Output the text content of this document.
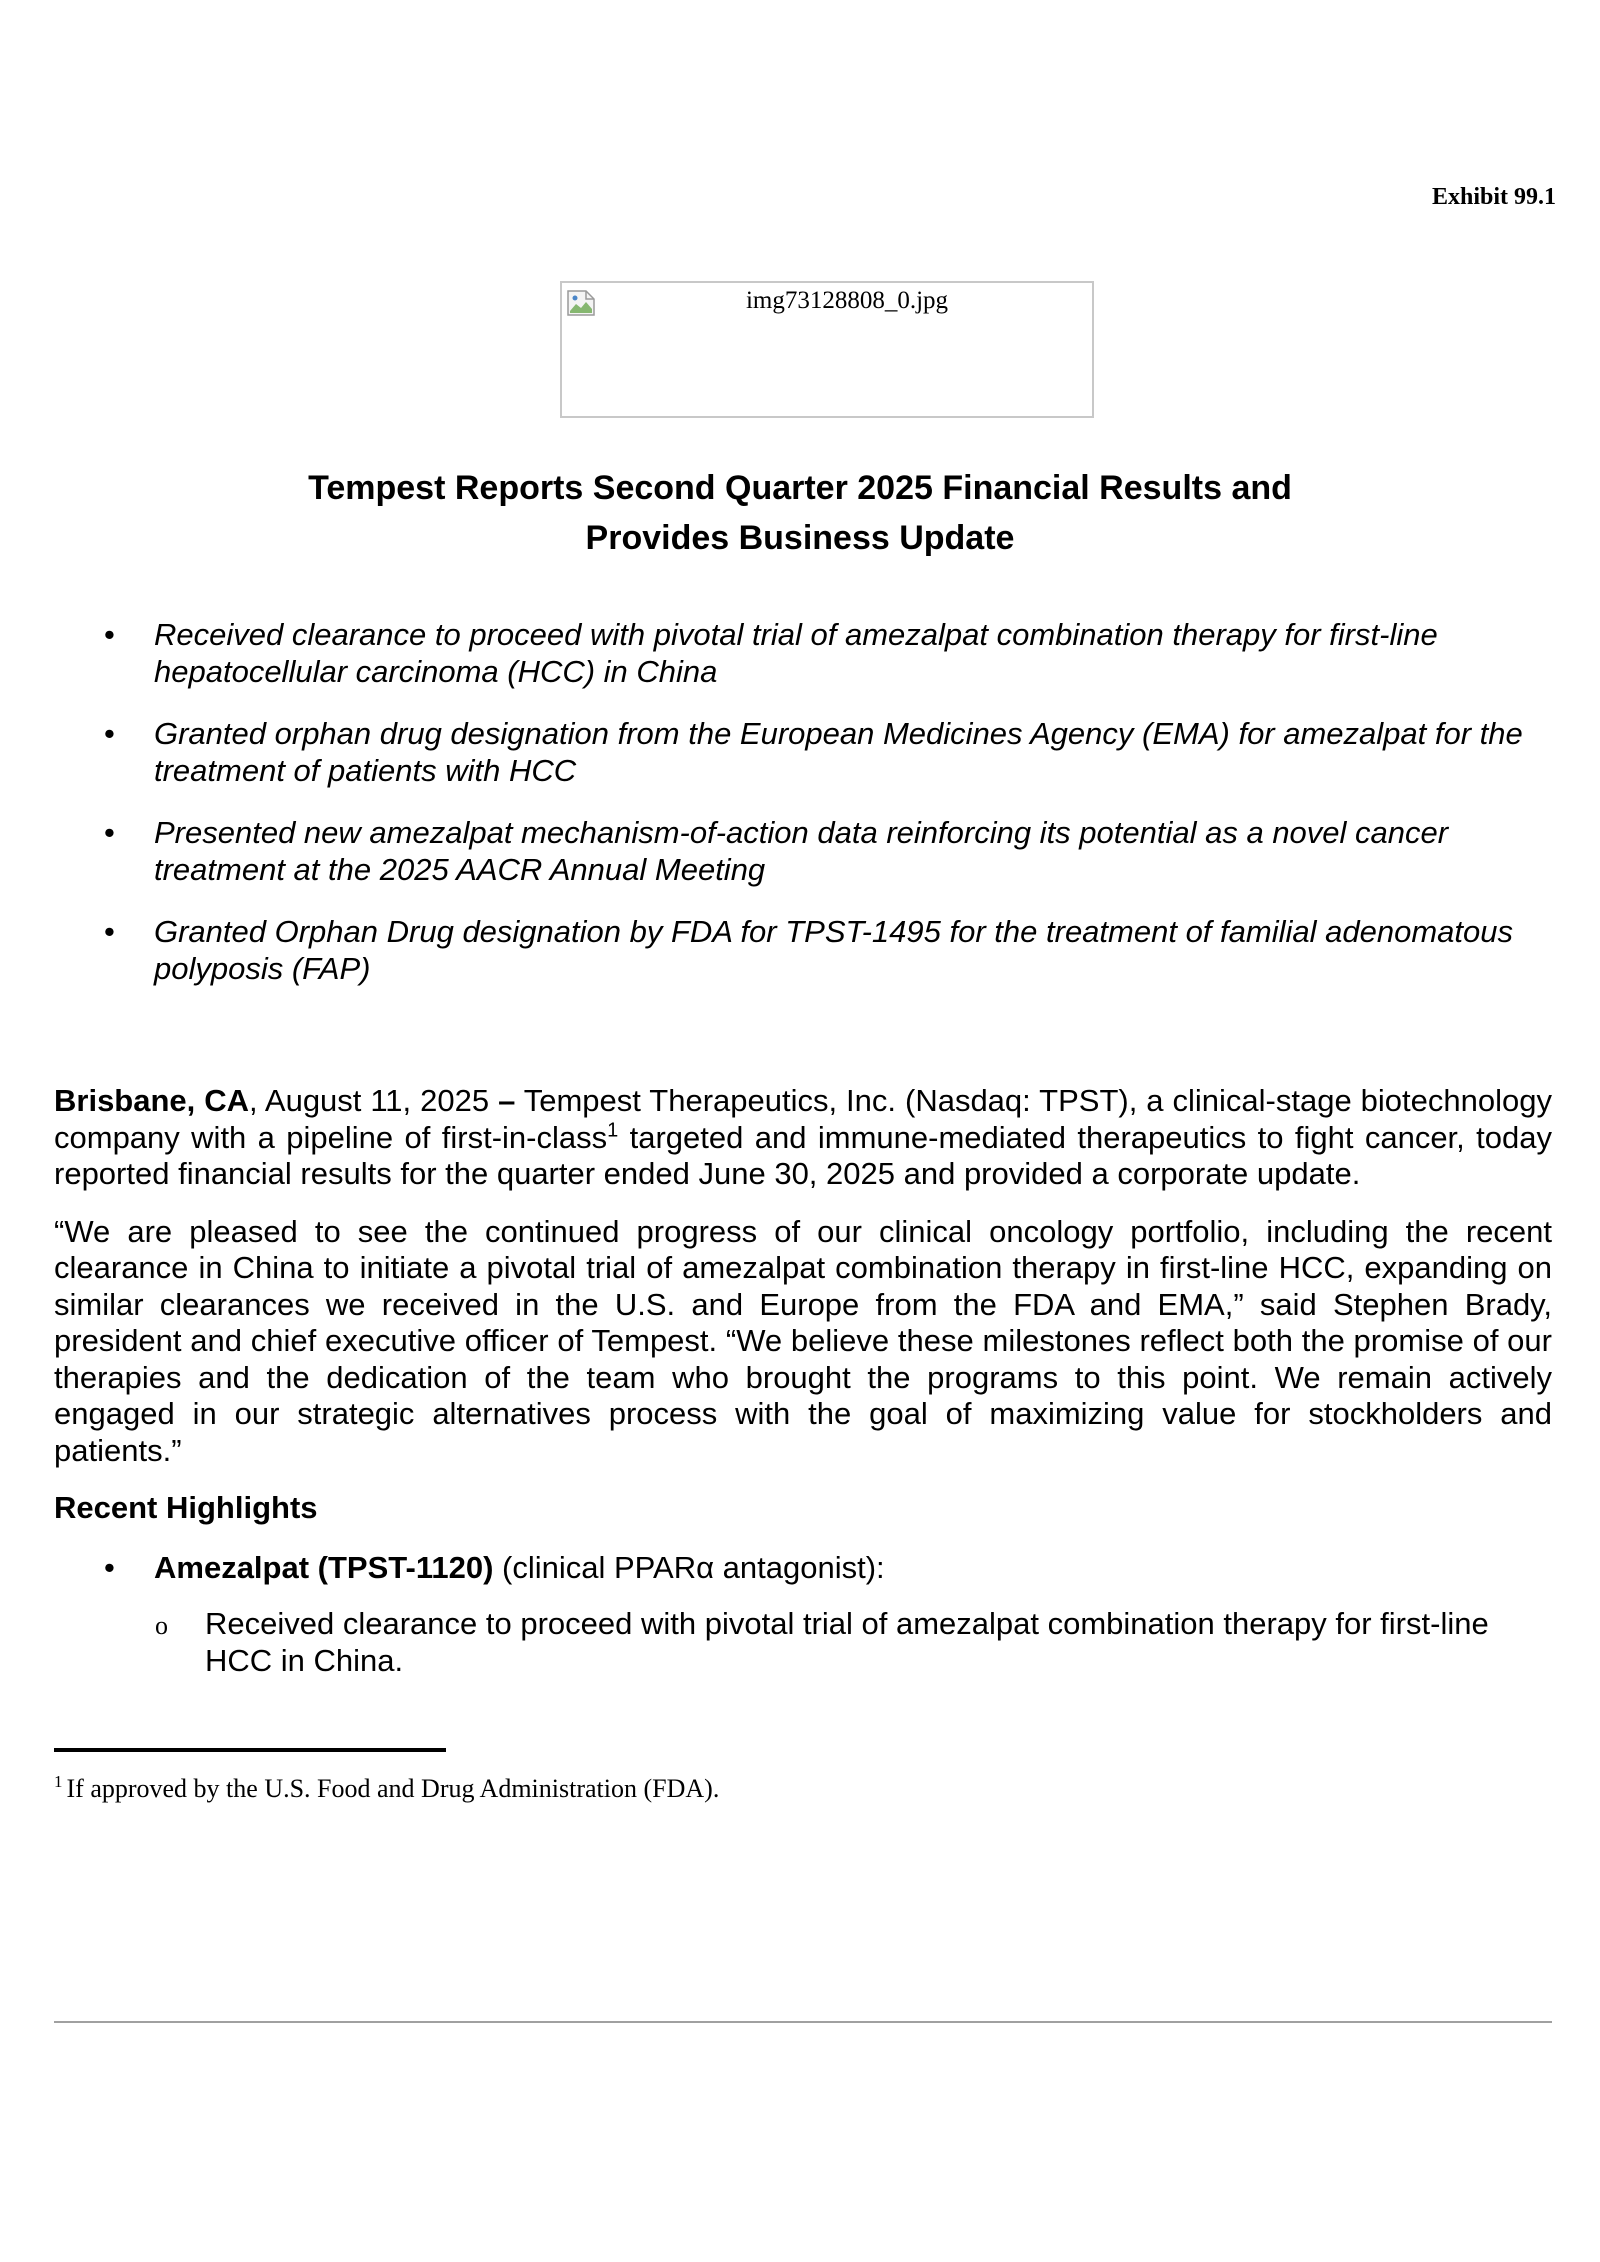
Exhibit 99.1
img73128808_0.jpg
Tempest Reports Second Quarter 2025 Financial Results and
Provides Business Update
• Received clearance to proceed with pivotal trial of amezalpat combination therapy for first-line hepatocellular carcinoma (HCC) in China
• Granted orphan drug designation from the European Medicines Agency (EMA) for amezalpat for the treatment of patients with HCC
• Presented new amezalpat mechanism-of-action data reinforcing its potential as a novel cancer treatment at the 2025 AACR Annual Meeting
• Granted Orphan Drug designation by FDA for TPST-1495 for the treatment of familial adenomatous polyposis (FAP)

Brisbane, CA, August 11, 2025 – Tempest Therapeutics, Inc. (Nasdaq: TPST), a clinical-stage biotechnology company with a pipeline of first-in-class$^1$ targeted and immune-mediated therapeutics to fight cancer, today reported financial results for the quarter ended June 30, 2025 and provided a corporate update.

“We are pleased to see the continued progress of our clinical oncology portfolio, including the recent clearance in China to initiate a pivotal trial of amezalpat combination therapy in first-line HCC, expanding on similar clearances we received in the U.S. and Europe from the FDA and EMA,” said Stephen Brady, president and chief executive officer of Tempest. “We believe these milestones reflect both the promise of our therapies and the dedication of the team who brought the programs to this point. We remain actively engaged in our strategic alternatives process with the goal of maximizing value for stockholders and patients.”

Recent Highlights
• Amezalpat (TPST-1120) (clinical PPARα antagonist):
o Received clearance to proceed with pivotal trial of amezalpat combination therapy for first-line HCC in China.
$^1$ If approved by the U.S. Food and Drug Administration (FDA).
